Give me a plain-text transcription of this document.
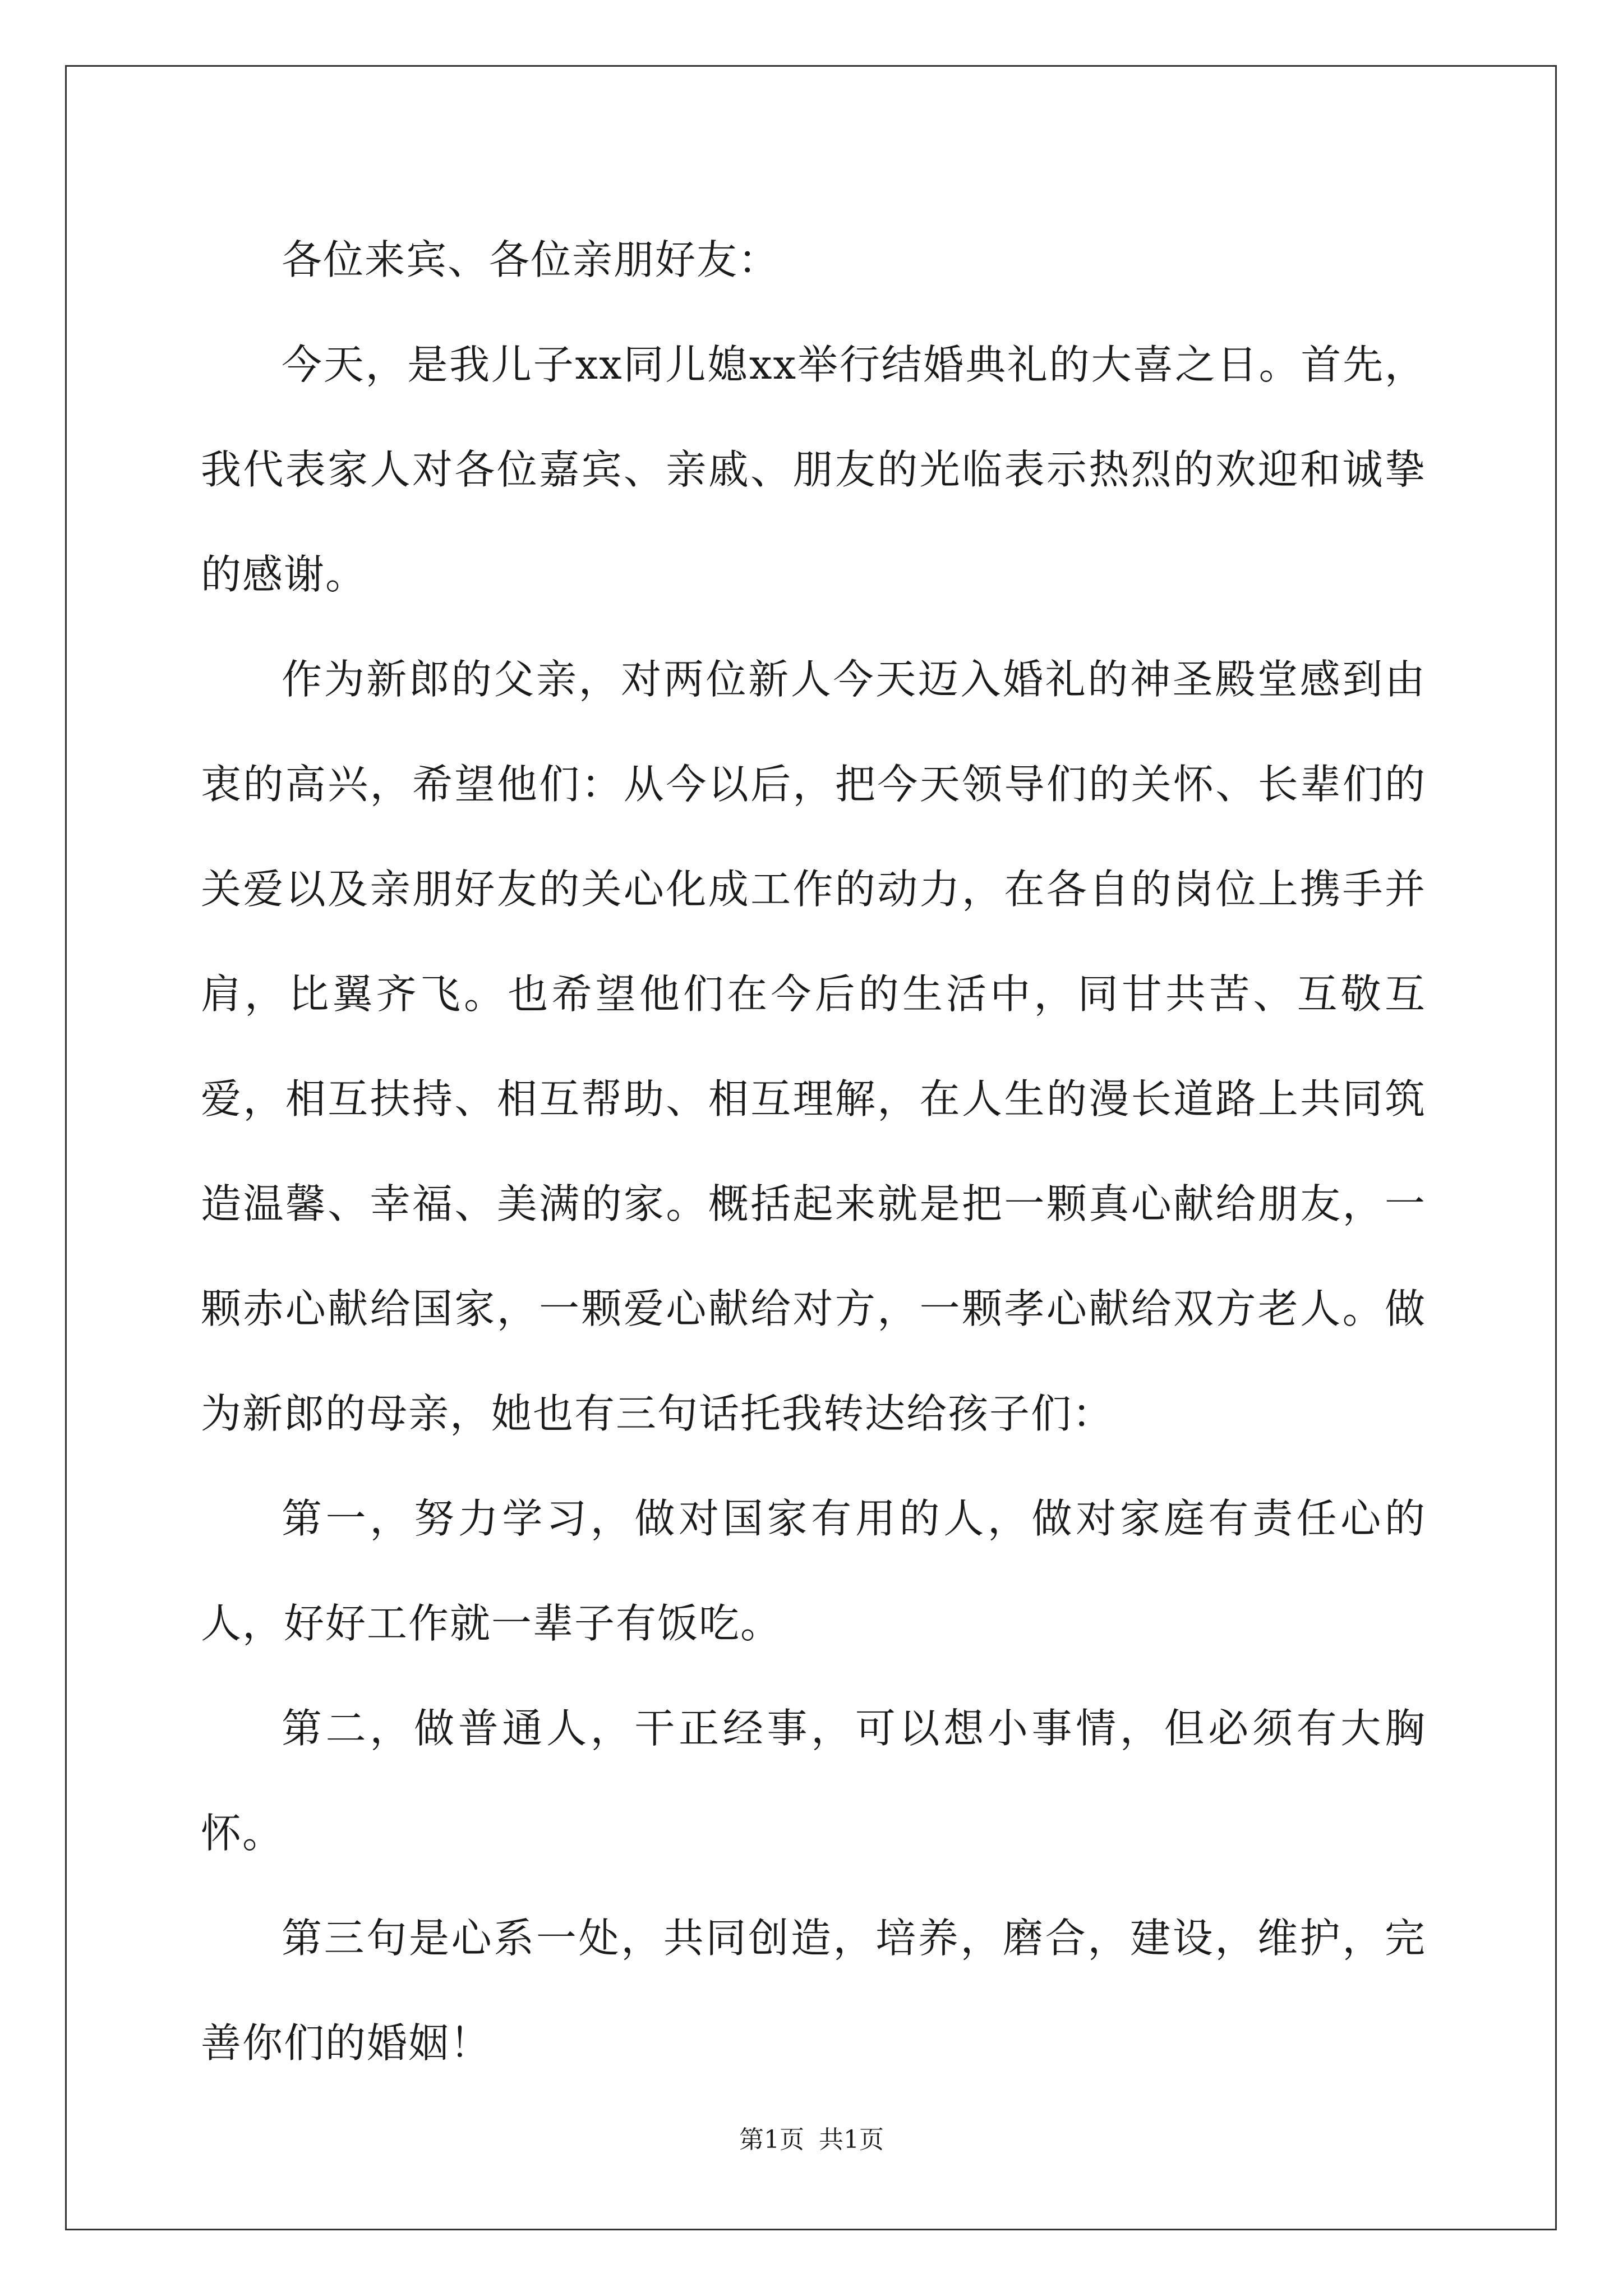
各位来宾、各位亲朋好友：

今天，是我儿子xx同儿媳xx举行结婚典礼的大喜之日。首先，我代表家人对各位嘉宾、亲戚、朋友的光临表示热烈的欢迎和诚挚的感谢。

作为新郎的父亲，对两位新人今天迈入婚礼的神圣殿堂感到由衷的高兴，希望他们：从今以后，把今天领导们的关怀、长辈们的关爱以及亲朋好友的关心化成工作的动力，在各自的岗位上携手并肩，比翼齐飞。也希望他们在今后的生活中，同甘共苦、互敬互爱，相互扶持、相互帮助、相互理解，在人生的漫长道路上共同筑造温馨、幸福、美满的家。概括起来就是把一颗真心献给朋友，一颗赤心献给国家，一颗爱心献给对方，一颗孝心献给双方老人。做为新郎的母亲，她也有三句话托我转达给孩子们：

第一，努力学习，做对国家有用的人，做对家庭有责任心的人，好好工作就一辈子有饭吃。

第二，做普通人，干正经事，可以想小事情，但必须有大胸怀。

第三句是心系一处，共同创造，培养，磨合，建设，维护，完善你们的婚姻！

第1页 共1页
